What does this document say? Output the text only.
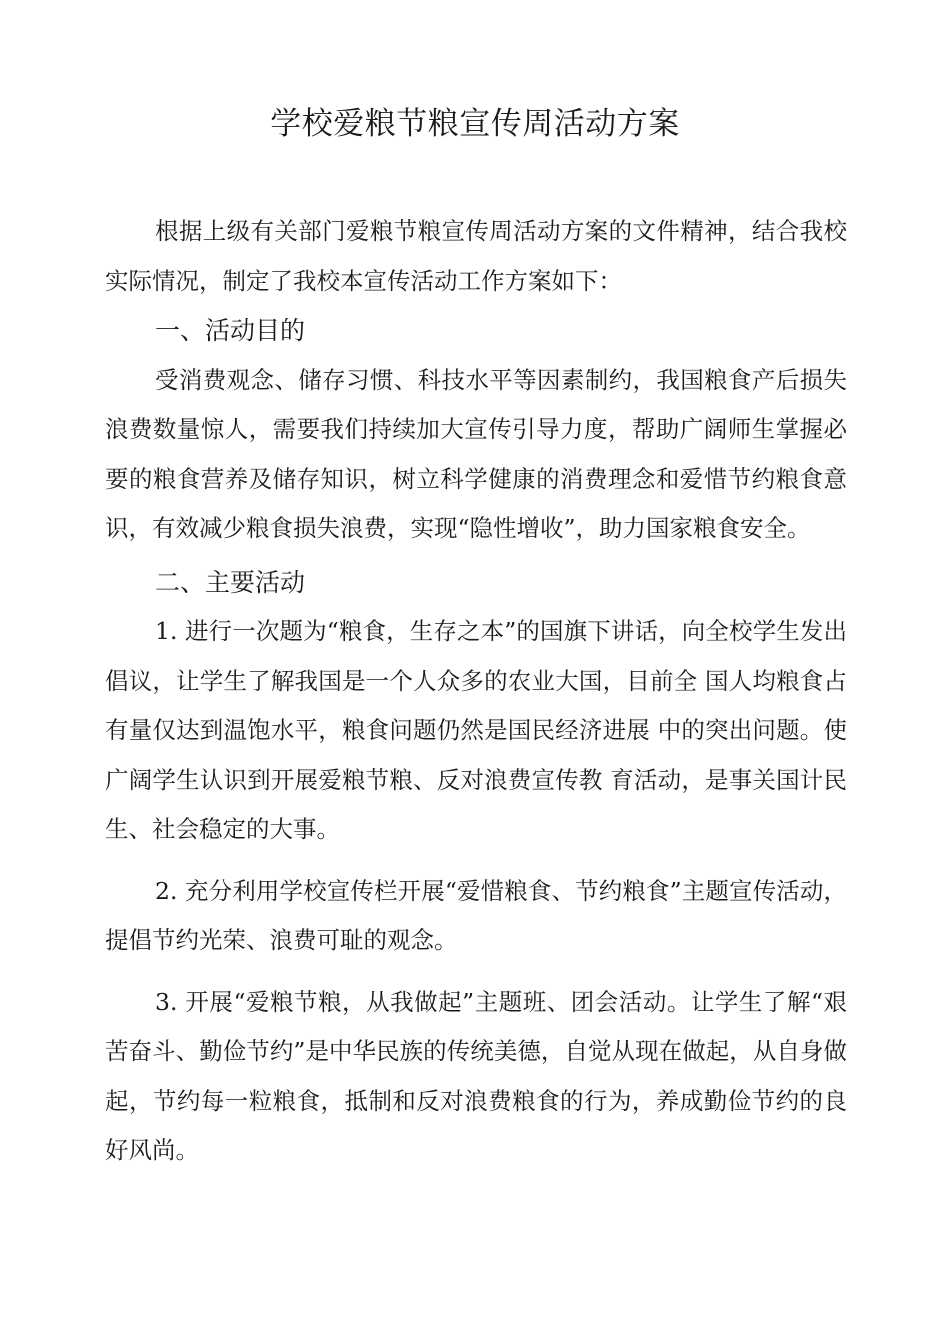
学校爱粮节粮宣传周活动方案

根据上级有关部门爱粮节粮宣传周活动方案的文件精神，结合我校实际情况，制定了我校本宣传活动工作方案如下：

一、活动目的

受消费观念、储存习惯、科技水平等因素制约，我国粮食产后损失浪费数量惊人，需要我们持续加大宣传引导力度，帮助广阔师生掌握必要的粮食营养及储存知识，树立科学健康的消费理念和爱惜节约粮食意识，有效减少粮食损失浪费，实现“隐性增收”，助力国家粮食安全。

二、主要活动

1. 进行一次题为“粮食，生存之本”的国旗下讲话，向全校学生发出倡议，让学生了解我国是一个人众多的农业大国，目前全 国人均粮食占有量仅达到温饱水平，粮食问题仍然是国民经济进展 中的突出问题。使广阔学生认识到开展爱粮节粮、反对浪费宣传教 育活动，是事关国计民生、社会稳定的大事。

2. 充分利用学校宣传栏开展“爱惜粮食、节约粮食”主题宣传活动，提倡节约光荣、浪费可耻的观念。

3. 开展“爱粮节粮，从我做起”主题班、团会活动。让学生了解“艰苦奋斗、勤俭节约”是中华民族的传统美德，自觉从现在做起，从自身做起，节约每一粒粮食，抵制和反对浪费粮食的行为，养成勤俭节约的良好风尚。
